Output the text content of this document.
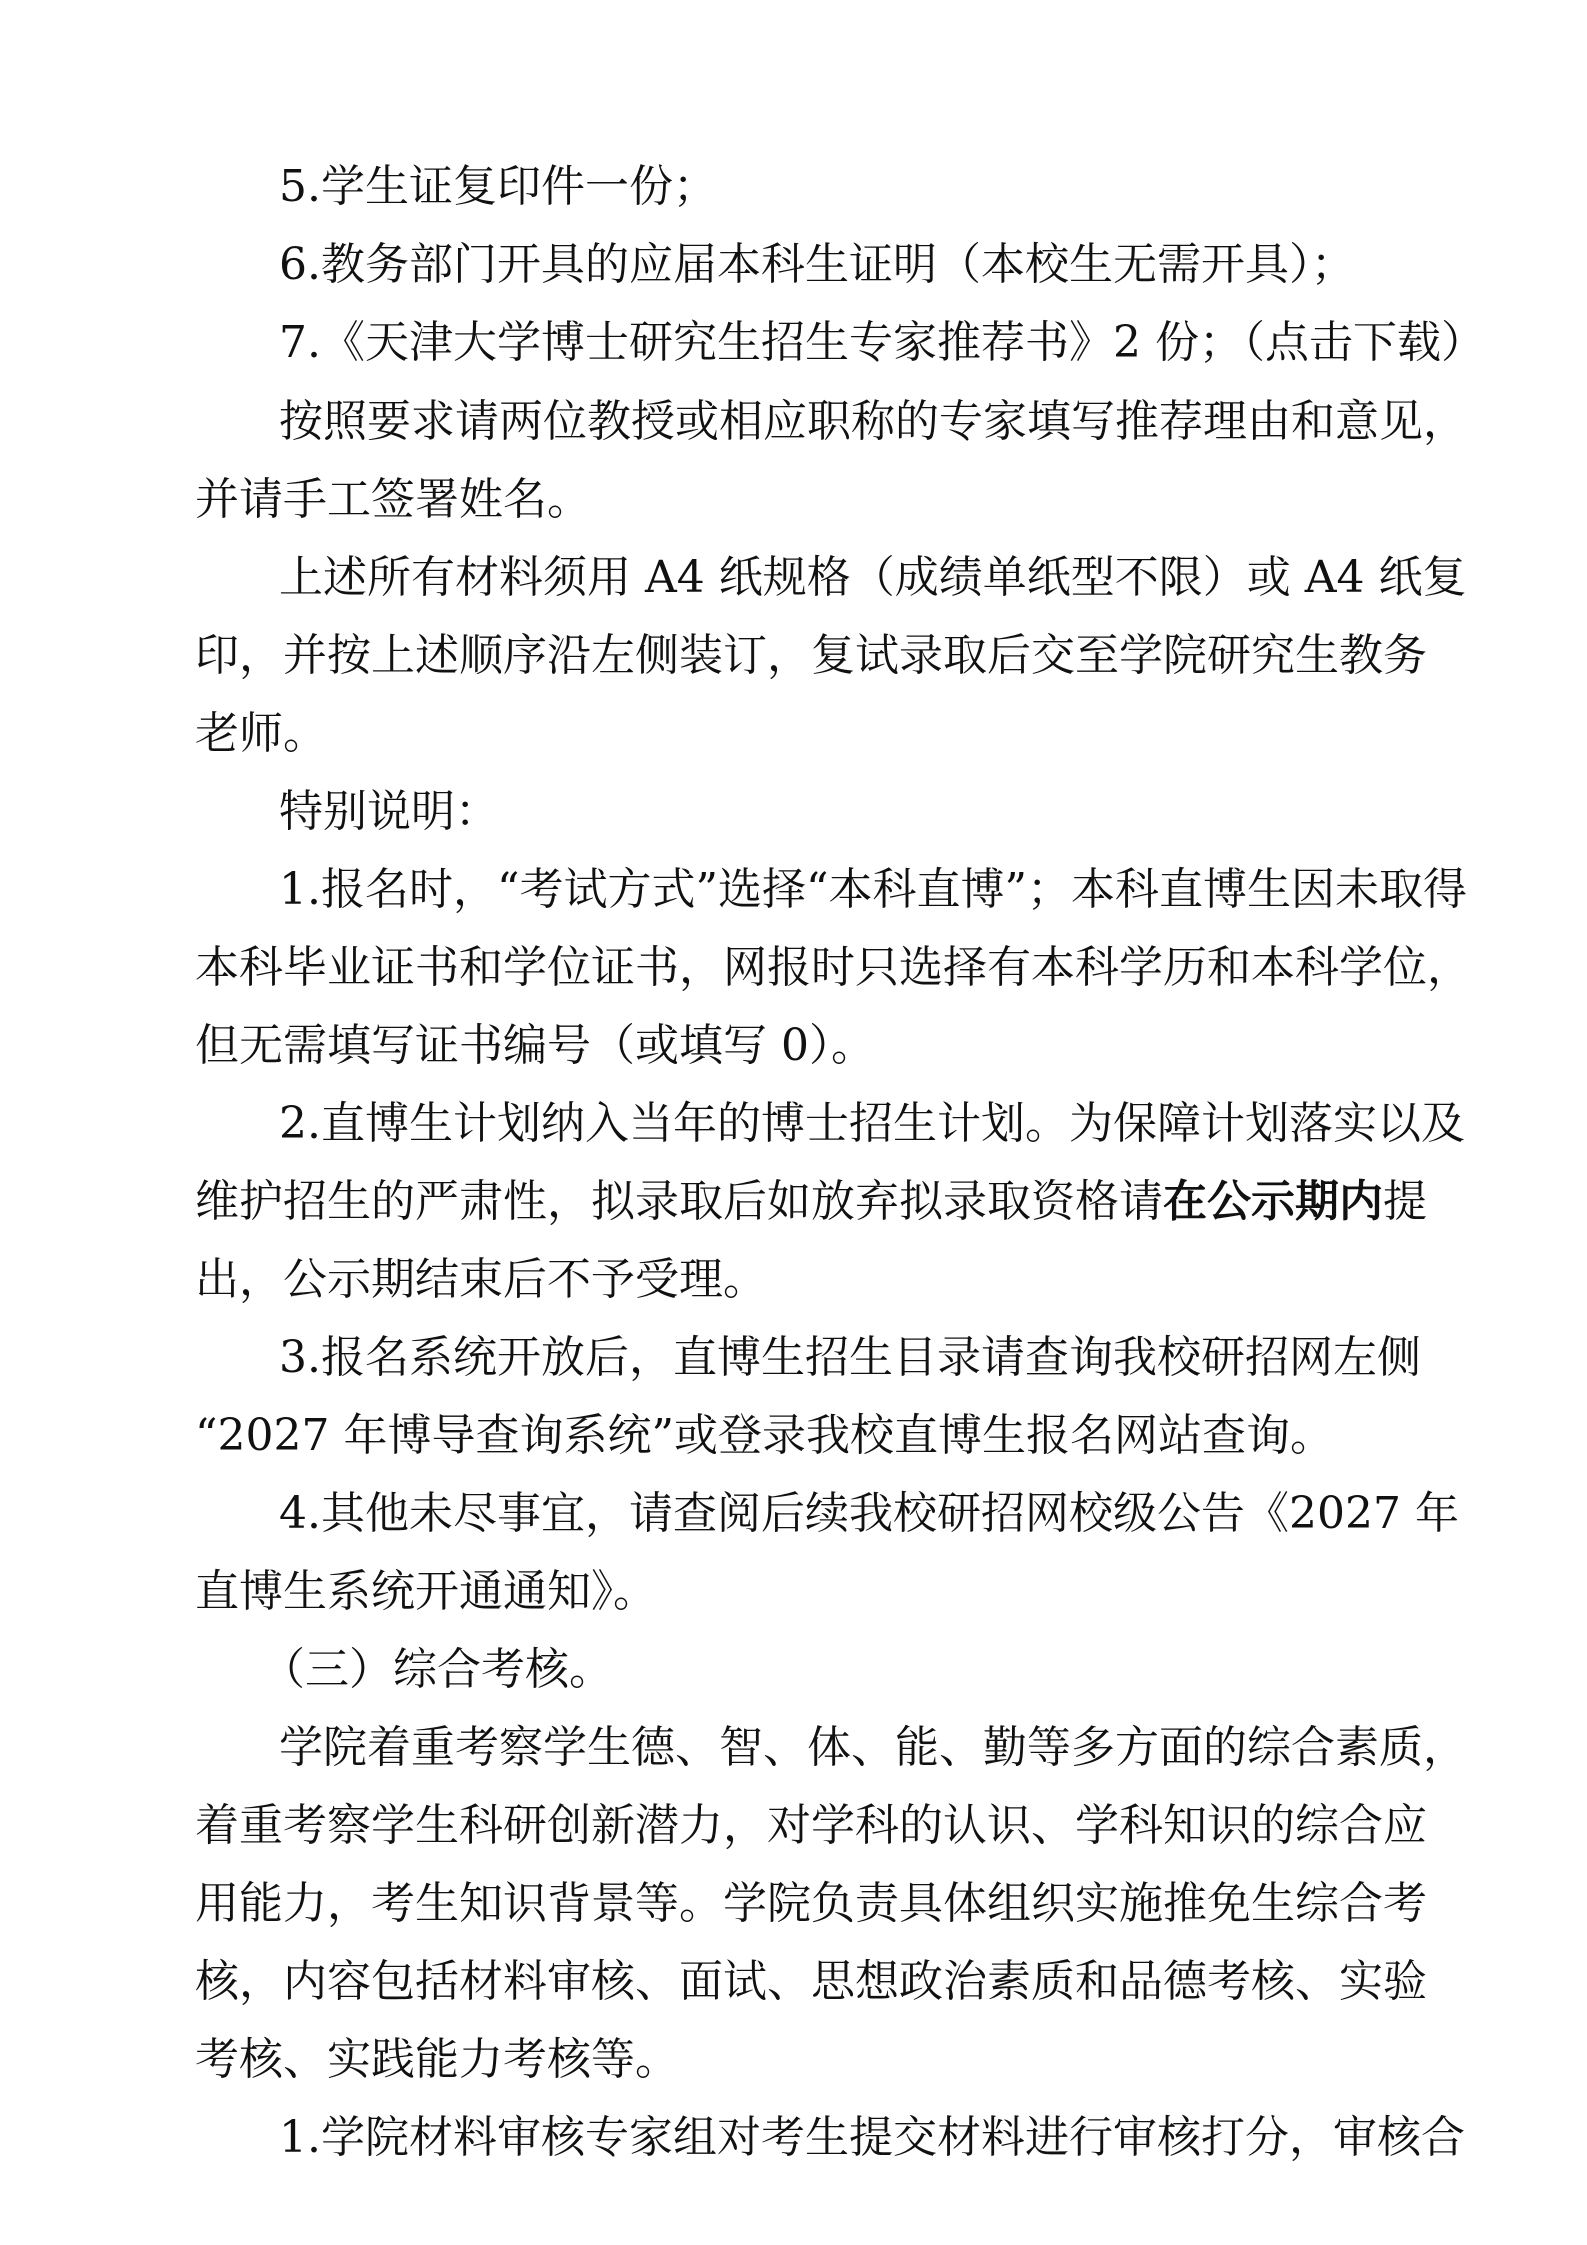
5.学生证复印件一份；
6.教务部门开具的应届本科生证明（本校生无需开具）；
7.《天津大学博士研究生招生专家推荐书》2 份；（点击下载）
按照要求请两位教授或相应职称的专家填写推荐理由和意见，
并请手工签署姓名。
上述所有材料须用 A4 纸规格（成绩单纸型不限）或 A4 纸复
印，并按上述顺序沿左侧装订，复试录取后交至学院研究生教务
老师。
特别说明：
1.报名时，“考试方式”选择“本科直博”；本科直博生因未取得
本科毕业证书和学位证书，网报时只选择有本科学历和本科学位，
但无需填写证书编号（或填写 0）。
2.直博生计划纳入当年的博士招生计划。为保障计划落实以及
维护招生的严肃性，拟录取后如放弃拟录取资格请在公示期内提
出，公示期结束后不予受理。
3.报名系统开放后，直博生招生目录请查询我校研招网左侧
“2027 年博导查询系统”或登录我校直博生报名网站查询。
4.其他未尽事宜，请查阅后续我校研招网校级公告《2027 年
直博生系统开通通知》。
（三）综合考核。
学院着重考察学生德、智、体、能、勤等多方面的综合素质，
着重考察学生科研创新潜力，对学科的认识、学科知识的综合应
用能力，考生知识背景等。学院负责具体组织实施推免生综合考
核，内容包括材料审核、面试、思想政治素质和品德考核、实验
考核、实践能力考核等。
1.学院材料审核专家组对考生提交材料进行审核打分，审核合
